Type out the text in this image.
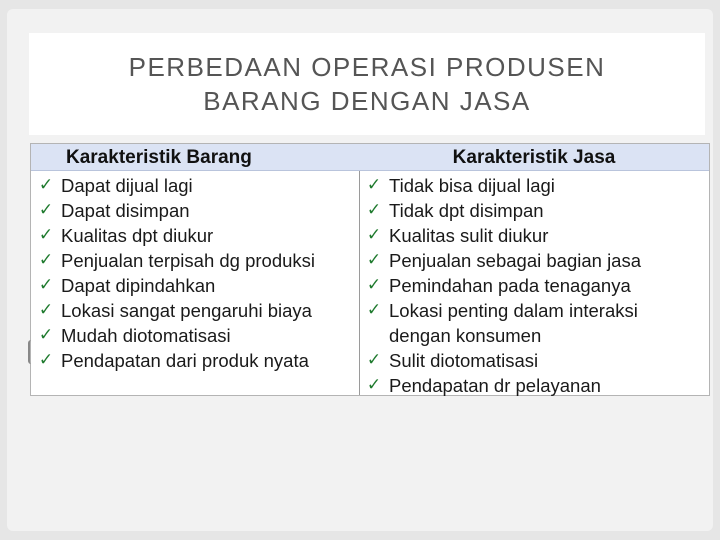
PERBEDAAN OPERASI PRODUSEN
BARANG DENGAN JASA
Karakteristik Barang
✓ Dapat dijual lagi
✓ Dapat disimpan
✓ Kualitas dpt diukur
✓ Penjualan terpisah dg produksi
✓ Dapat dipindahkan
✓ Lokasi sangat pengaruhi biaya
✓ Mudah diotomatisasi
✓ Pendapatan dari produk nyata
Karakteristik Jasa
✓ Tidak bisa dijual lagi
✓ Tidak dpt disimpan
✓ Kualitas sulit diukur
✓ Penjualan sebagai bagian jasa
✓ Pemindahan pada tenaganya
✓ Lokasi penting dalam interaksi
dengan konsumen
✓ Sulit diotomatisasi
✓ Pendapatan dr pelayanan
